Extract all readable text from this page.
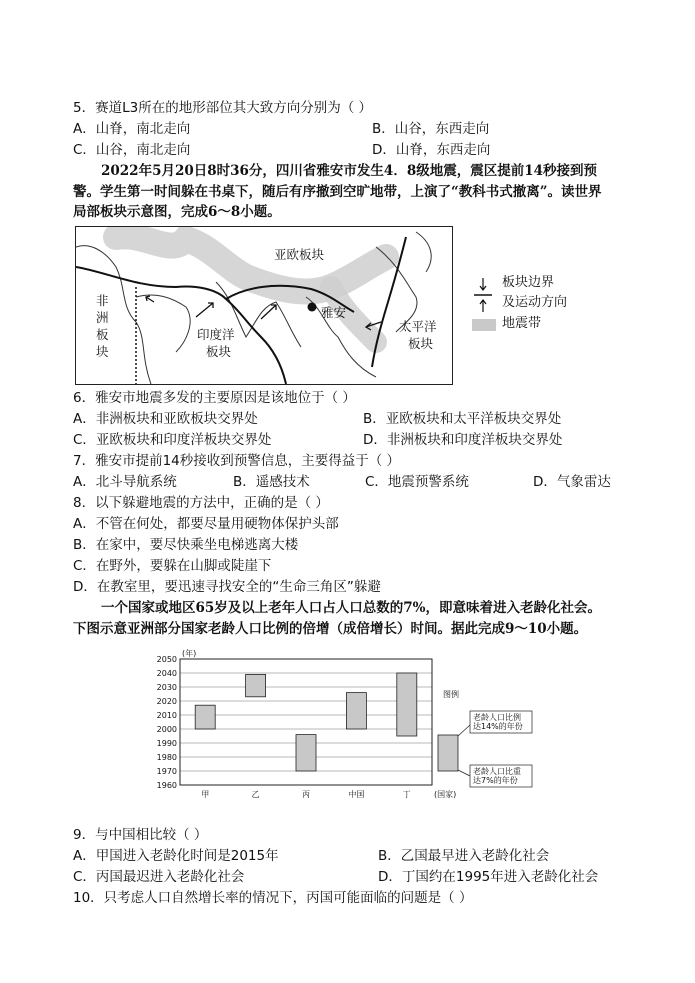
5．赛道L3所在的地形部位其大致方向分别为（ ）
A．山脊，南北走向	B．山谷，东西走向
C．山谷，南北走向	D．山脊，东西走向
2022年5月20日8时36分，四川省雅安市发生4．8级地震，震区提前14秒接到预
警。学生第一时间躲在书桌下，随后有序撤到空旷地带，上演了“教科书式撤离”。读世界
局部板块示意图，完成6～8小题。
亚欧板块
非
洲
板
块
印度洋
板块
雅安
太平洋
板块
板块边界
及运动方向
地震带
6．雅安市地震多发的主要原因是该地位于（ ）
A．非洲板块和亚欧板块交界处	B．亚欧板块和太平洋板块交界处
C．亚欧板块和印度洋板块交界处	D．非洲板块和印度洋板块交界处
7．雅安市提前14秒接收到预警信息，主要得益于（ ）
A．北斗导航系统	B．遥感技术	C．地震预警系统	D．气象雷达
8．以下躲避地震的方法中，正确的是（ ）
A．不管在何处，都要尽量用硬物体保护头部
B．在家中，要尽快乘坐电梯逃离大楼
C．在野外，要躲在山脚或陡崖下
D．在教室里，要迅速寻找安全的“生命三角区”躲避
一个国家或地区65岁及以上老年人口占人口总数的7%，即意味着进入老龄化社会。
下图示意亚洲部分国家老龄人口比例的倍增（成倍增长）时间。据此完成9～10小题。
1960
1970
1980
1990
2000
2010
2020
2030
2040
2050
(年)
甲	乙	丙	中国	丁	(国家)
图例
老龄人口比例
达14%的年份
老龄人口比重
达7%的年份
9．与中国相比较（ ）
A．甲国进入老龄化时间是2015年	B．乙国最早进入老龄化社会
C．丙国最迟进入老龄化社会	D．丁国约在1995年进入老龄化社会
10．只考虑人口自然增长率的情况下，丙国可能面临的问题是（ ）
